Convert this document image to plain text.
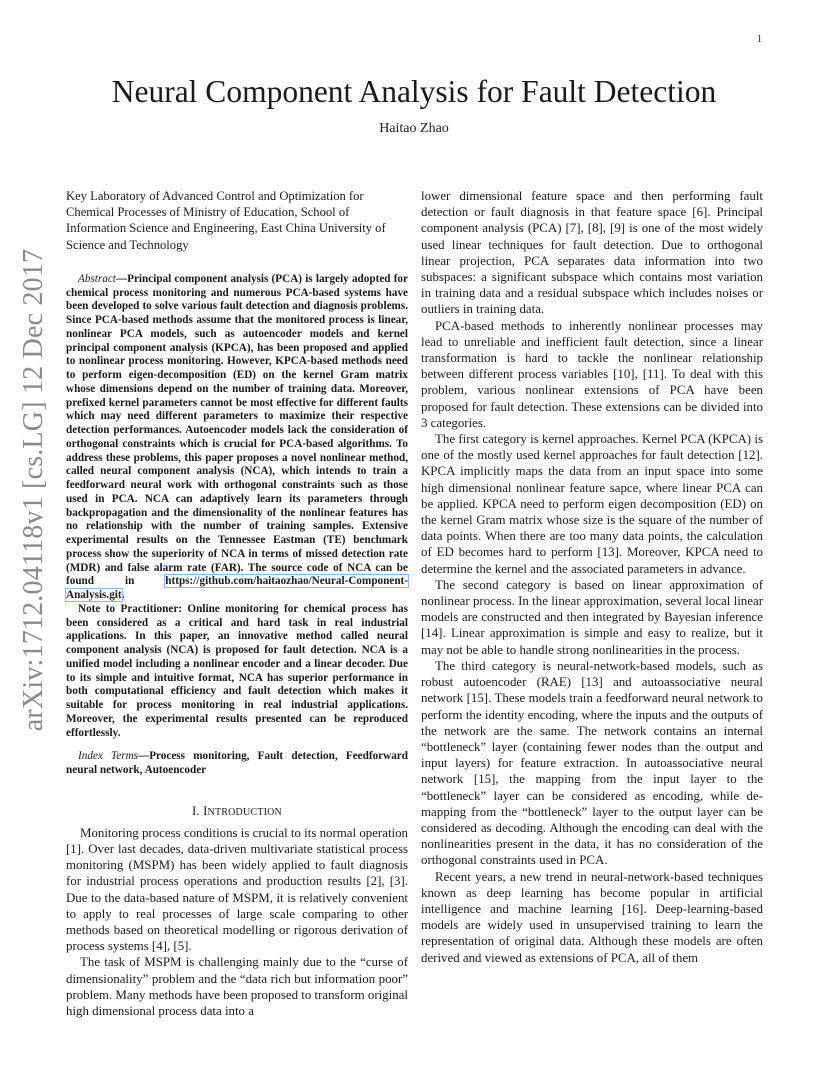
1
arXiv:1712.04118v1 [cs.LG] 12 Dec 2017
Neural Component Analysis for Fault Detection
Haitao Zhao

Key Laboratory of Advanced Control and Optimization for Chemical Processes of Ministry of Education, School of Information Science and Engineering, East China University of Science and Technology

Abstract—Principal component analysis (PCA) is largely adopted for chemical process monitoring and numerous PCA-based systems have been developed to solve various fault detection and diagnosis problems. Since PCA-based methods assume that the monitored process is linear, nonlinear PCA models, such as autoencoder models and kernel principal component analysis (KPCA), has been proposed and applied to nonlinear process monitoring. However, KPCA-based methods need to perform eigen-decomposition (ED) on the kernel Gram matrix whose dimensions depend on the number of training data. Moreover, prefixed kernel parameters cannot be most effective for different faults which may need different parameters to maximize their respective detection performances. Autoencoder models lack the consideration of orthogonal constraints which is crucial for PCA-based algorithms. To address these problems, this paper proposes a novel nonlinear method, called neural component analysis (NCA), which intends to train a feedforward neural work with orthogonal constraints such as those used in PCA. NCA can adaptively learn its parameters through backpropagation and the dimensionality of the nonlinear features has no relationship with the number of training samples. Extensive experimental results on the Tennessee Eastman (TE) benchmark process show the superiority of NCA in terms of missed detection rate (MDR) and false alarm rate (FAR). The source code of NCA can be found in https://github.com/haitaozhao/Neural-Component-Analysis.git.

Note to Practitioner: Online monitoring for chemical process has been considered as a critical and hard task in real industrial applications. In this paper, an innovative method called neural component analysis (NCA) is proposed for fault detection. NCA is a unified model including a nonlinear encoder and a linear decoder. Due to its simple and intuitive format, NCA has superior performance in both computational efficiency and fault detection which makes it suitable for process monitoring in real industrial applications. Moreover, the experimental results presented can be reproduced effortlessly.

Index Terms—Process monitoring, Fault detection, Feedforward neural network, Autoencoder

I. INTRODUCTION

Monitoring process conditions is crucial to its normal operation [1]. Over last decades, data-driven multivariate statistical process monitoring (MSPM) has been widely applied to fault diagnosis for industrial process operations and production results [2], [3]. Due to the data-based nature of MSPM, it is relatively convenient to apply to real processes of large scale comparing to other methods based on theoretical modelling or rigorous derivation of process systems [4], [5].

The task of MSPM is challenging mainly due to the “curse of dimensionality” problem and the “data rich but information poor” problem. Many methods have been proposed to transform original high dimensional process data into a

lower dimensional feature space and then performing fault detection or fault diagnosis in that feature space [6]. Principal component analysis (PCA) [7], [8], [9] is one of the most widely used linear techniques for fault detection. Due to orthogonal linear projection, PCA separates data information into two subspaces: a significant subspace which contains most variation in training data and a residual subspace which includes noises or outliers in training data.

PCA-based methods to inherently nonlinear processes may lead to unreliable and inefficient fault detection, since a linear transformation is hard to tackle the nonlinear relationship between different process variables [10], [11]. To deal with this problem, various nonlinear extensions of PCA have been proposed for fault detection. These extensions can be divided into 3 categories.

The first category is kernel approaches. Kernel PCA (KPCA) is one of the mostly used kernel approaches for fault detection [12]. KPCA implicitly maps the data from an input space into some high dimensional nonlinear feature sapce, where linear PCA can be applied. KPCA need to perform eigen decomposition (ED) on the kernel Gram matrix whose size is the square of the number of data points. When there are too many data points, the calculation of ED becomes hard to perform [13]. Moreover, KPCA need to determine the kernel and the associated parameters in advance.

The second category is based on linear approximation of nonlinear process. In the linear approximation, several local linear models are constructed and then integrated by Bayesian inference [14]. Linear approximation is simple and easy to realize, but it may not be able to handle strong nonlinearities in the process.

The third category is neural-network-based models, such as robust autoencoder (RAE) [13] and autoassociative neural network [15]. These models train a feedforward neural network to perform the identity encoding, where the inputs and the outputs of the network are the same. The network contains an internal “bottleneck” layer (containing fewer nodes than the output and input layers) for feature extraction. In autoassociative neural network [15], the mapping from the input layer to the “bottleneck” layer can be considered as encoding, while de-mapping from the “bottleneck” layer to the output layer can be considered as decoding. Although the encoding can deal with the nonlinearities present in the data, it has no consideration of the orthogonal constraints used in PCA.

Recent years, a new trend in neural-network-based techniques known as deep learning has become popular in artificial intelligence and machine learning [16]. Deep-learning-based models are widely used in unsupervised training to learn the representation of original data. Although these models are often derived and viewed as extensions of PCA, all of them
